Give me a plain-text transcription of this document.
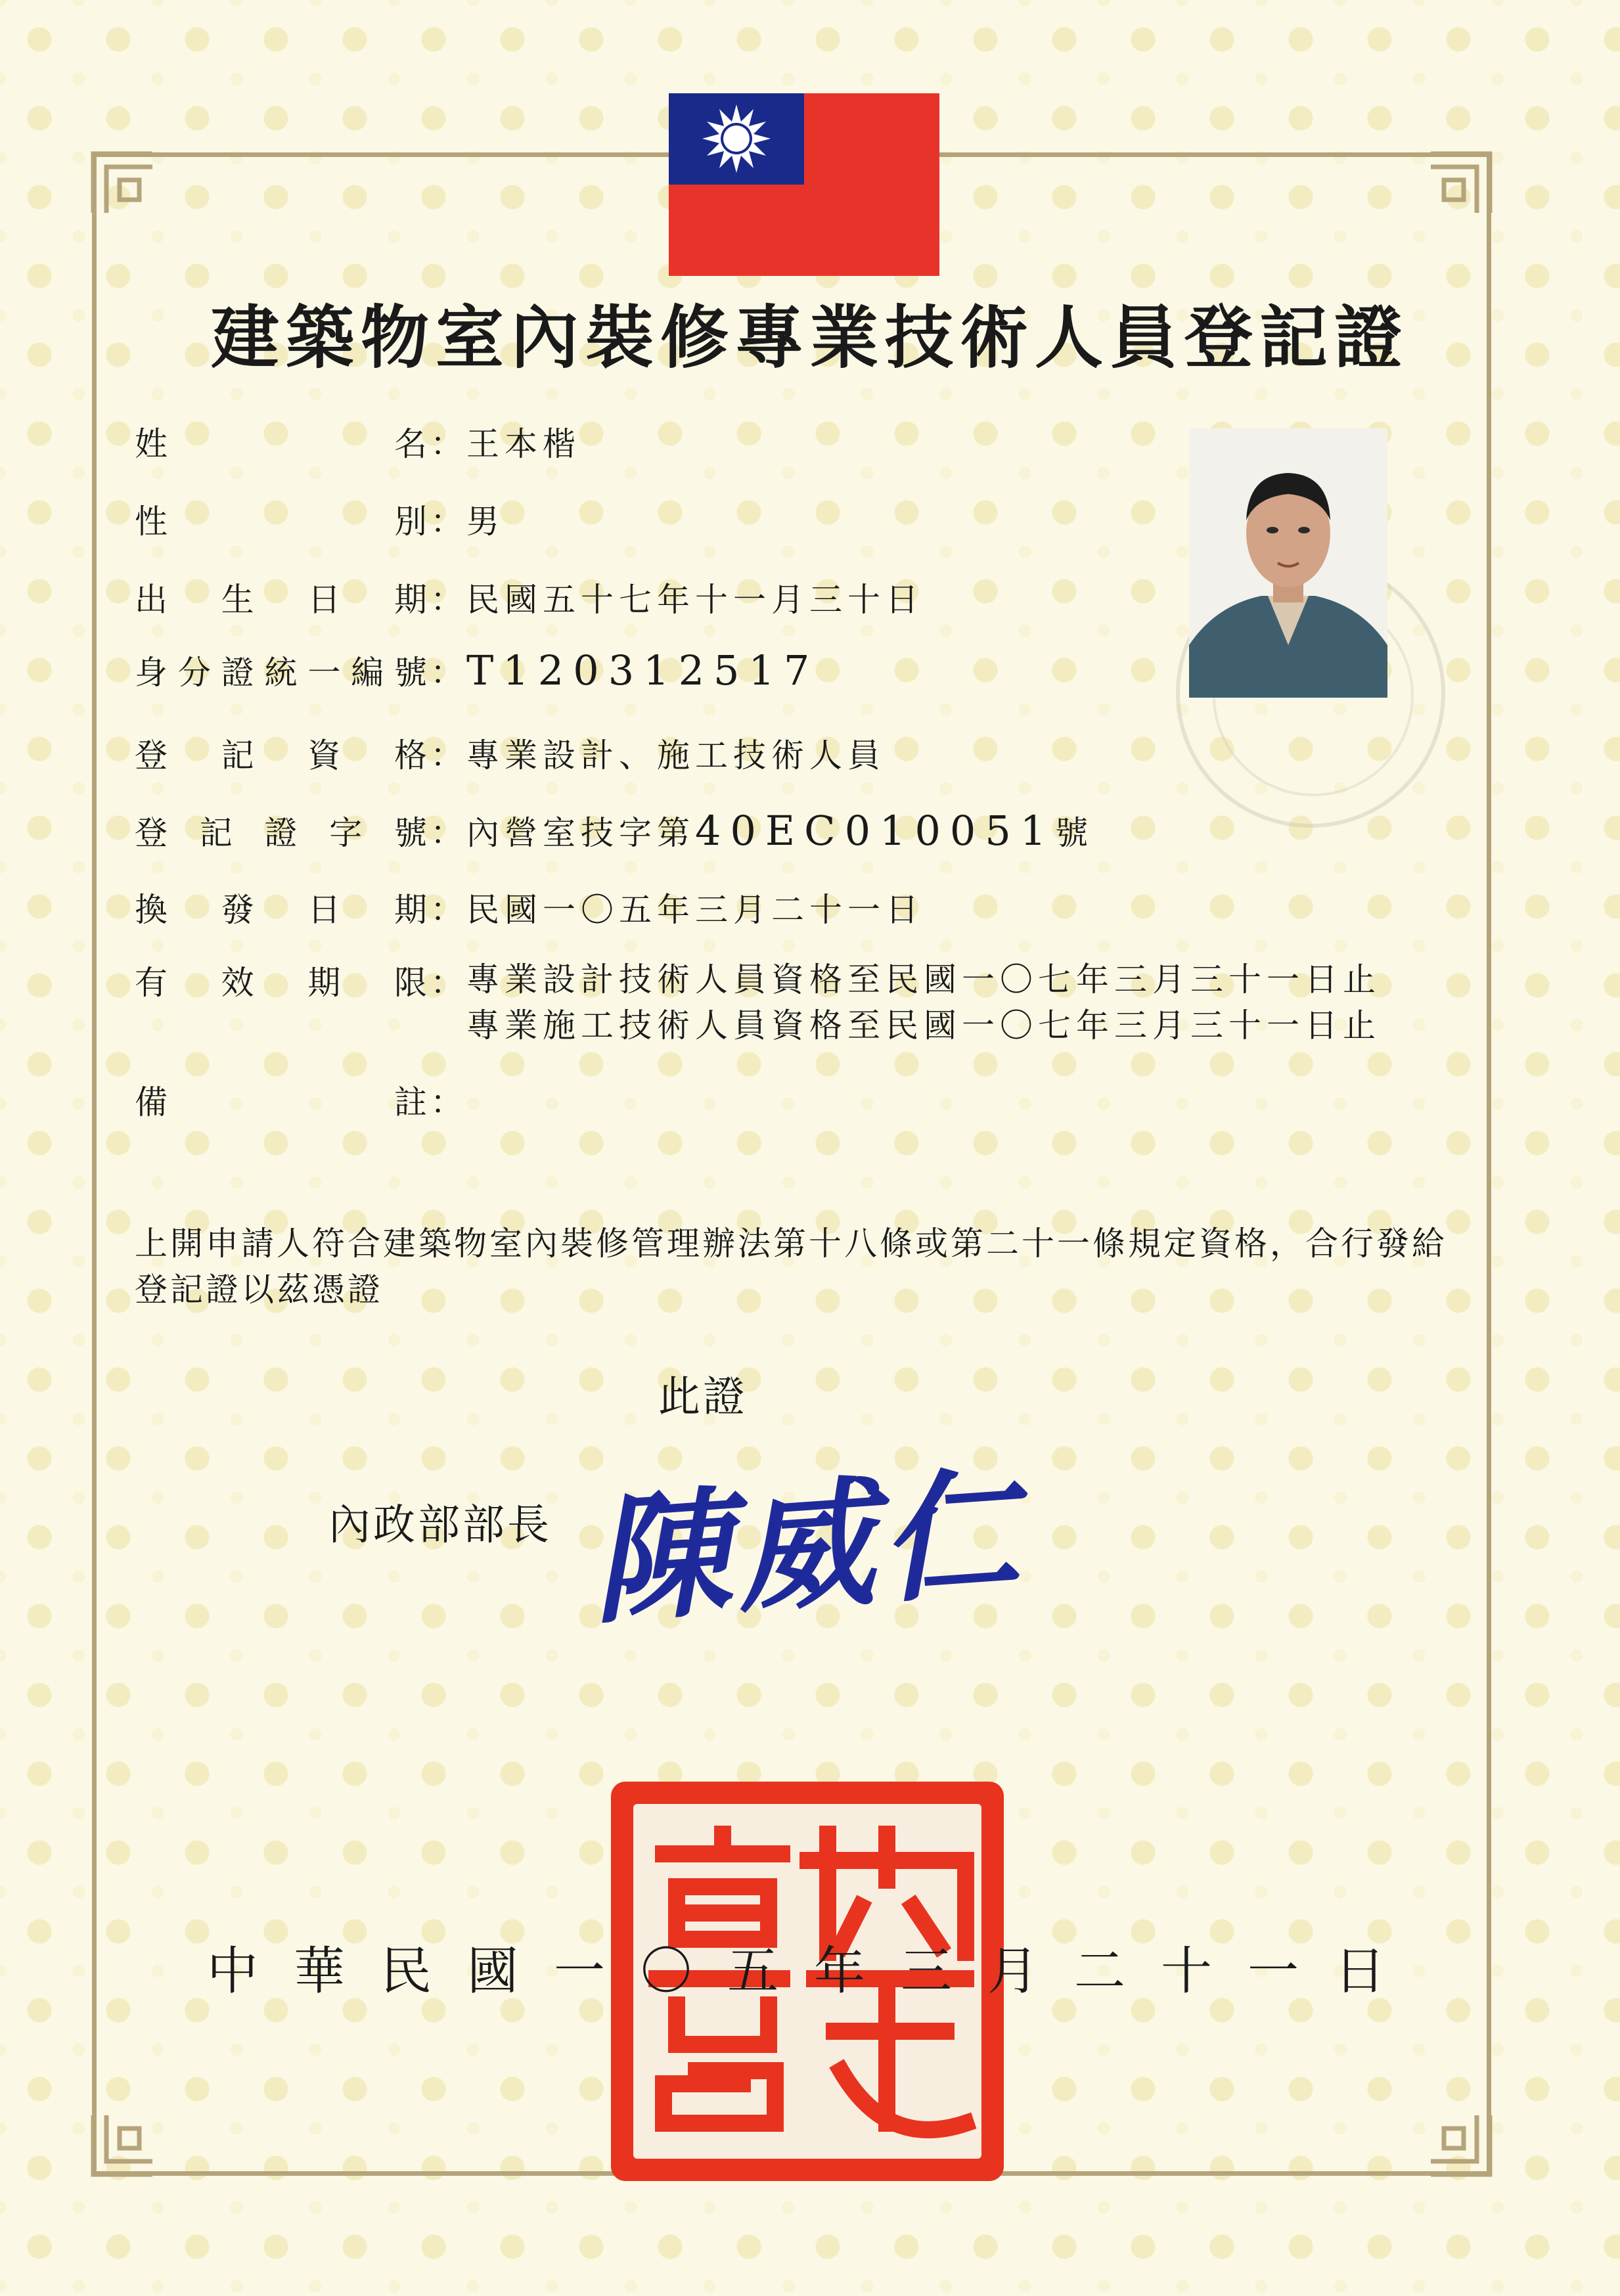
建築物室內裝修專業技術人員登記證
姓名 ： 王本楷
性別 ： 男
出生日期 ： 民國五十七年十一月三十日
身分證統一編號 ：T120312517
登記資格 ： 專業設計、施工技術人員
登記證字號 ： 內營室技字第40EC010051號
換發日期 ： 民國一〇五年三月二十一日
有效期限 ： 專業設計技術人員資格至民國一〇七年三月三十一日止
專業施工技術人員資格至民國一〇七年三月三十一日止
備註 ：
上開申請人符合建築物室內裝修管理辦法第十八條或第二十一條規定資格，合行發給登記證以茲憑證
此證
內政部部長 陳威仁
中華民國一〇五年三月二十一日
